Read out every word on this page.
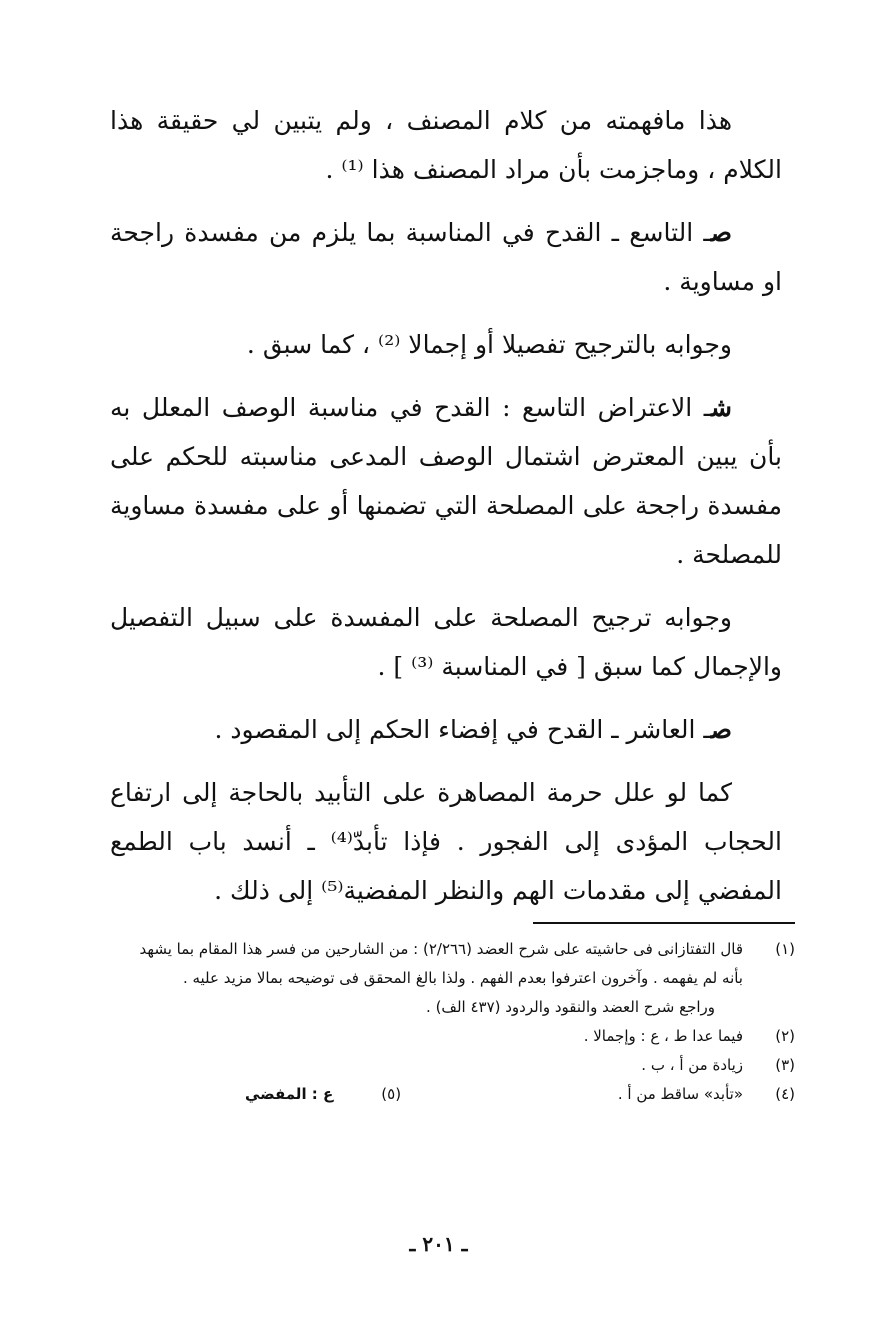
هذا مافهمته من كلام المصنف ، ولم يتبين لي حقيقة هذا الكلام ، وماجزمت بأن مراد المصنف هذا ⁽¹⁾ .

صـ التاسع ـ القدح في المناسبة بما يلزم من مفسدة راجحة او مساوية .

وجوابه بالترجيح تفصيلا أو إجمالا ⁽²⁾ ، كما سبق .

شـ الاعتراض التاسع : القدح في مناسبة الوصف المعلل به بأن يبين المعترض اشتمال الوصف المدعى مناسبته للحكم على مفسدة راجحة على المصلحة التي تضمنها أو على مفسدة مساوية للمصلحة .

وجوابه ترجيح المصلحة على المفسدة على سبيل التفصيل والإجمال كما سبق [ في المناسبة ⁽³⁾ ] .

صـ العاشر ـ القدح في إفضاء الحكم إلى المقصود .

كما لو علل حرمة المصاهرة على التأبيد بالحاجة إلى ارتفاع الحجاب المؤدى إلى الفجور . فإذا تأبدّ⁽⁴⁾ ـ أنسد باب الطمع المفضي إلى مقدمات الهم والنظر المفضية⁽⁵⁾ إلى ذلك .

(١)
قال التفتازانى فى حاشيته على شرح العضد (٢/٢٦٦) : من الشارحين من فسر هذا المقام بما يشهد بأنه لم يفهمه . وآخرون اعترفوا بعدم الفهم . ولذا بالغ المحقق فى توضيحه بمالا مزيد عليه .
وراجع شرح العضد والنقود والردود (٤٣٧ الف) .
(٢)
فيما عدا ط ، ع : وإجمالا .
(٣)
زيادة من أ ، ب .
(٤)
«تأبد» ساقط من أ .
(٥)
ع : المفضي
ـ ٢٠١ ـ
